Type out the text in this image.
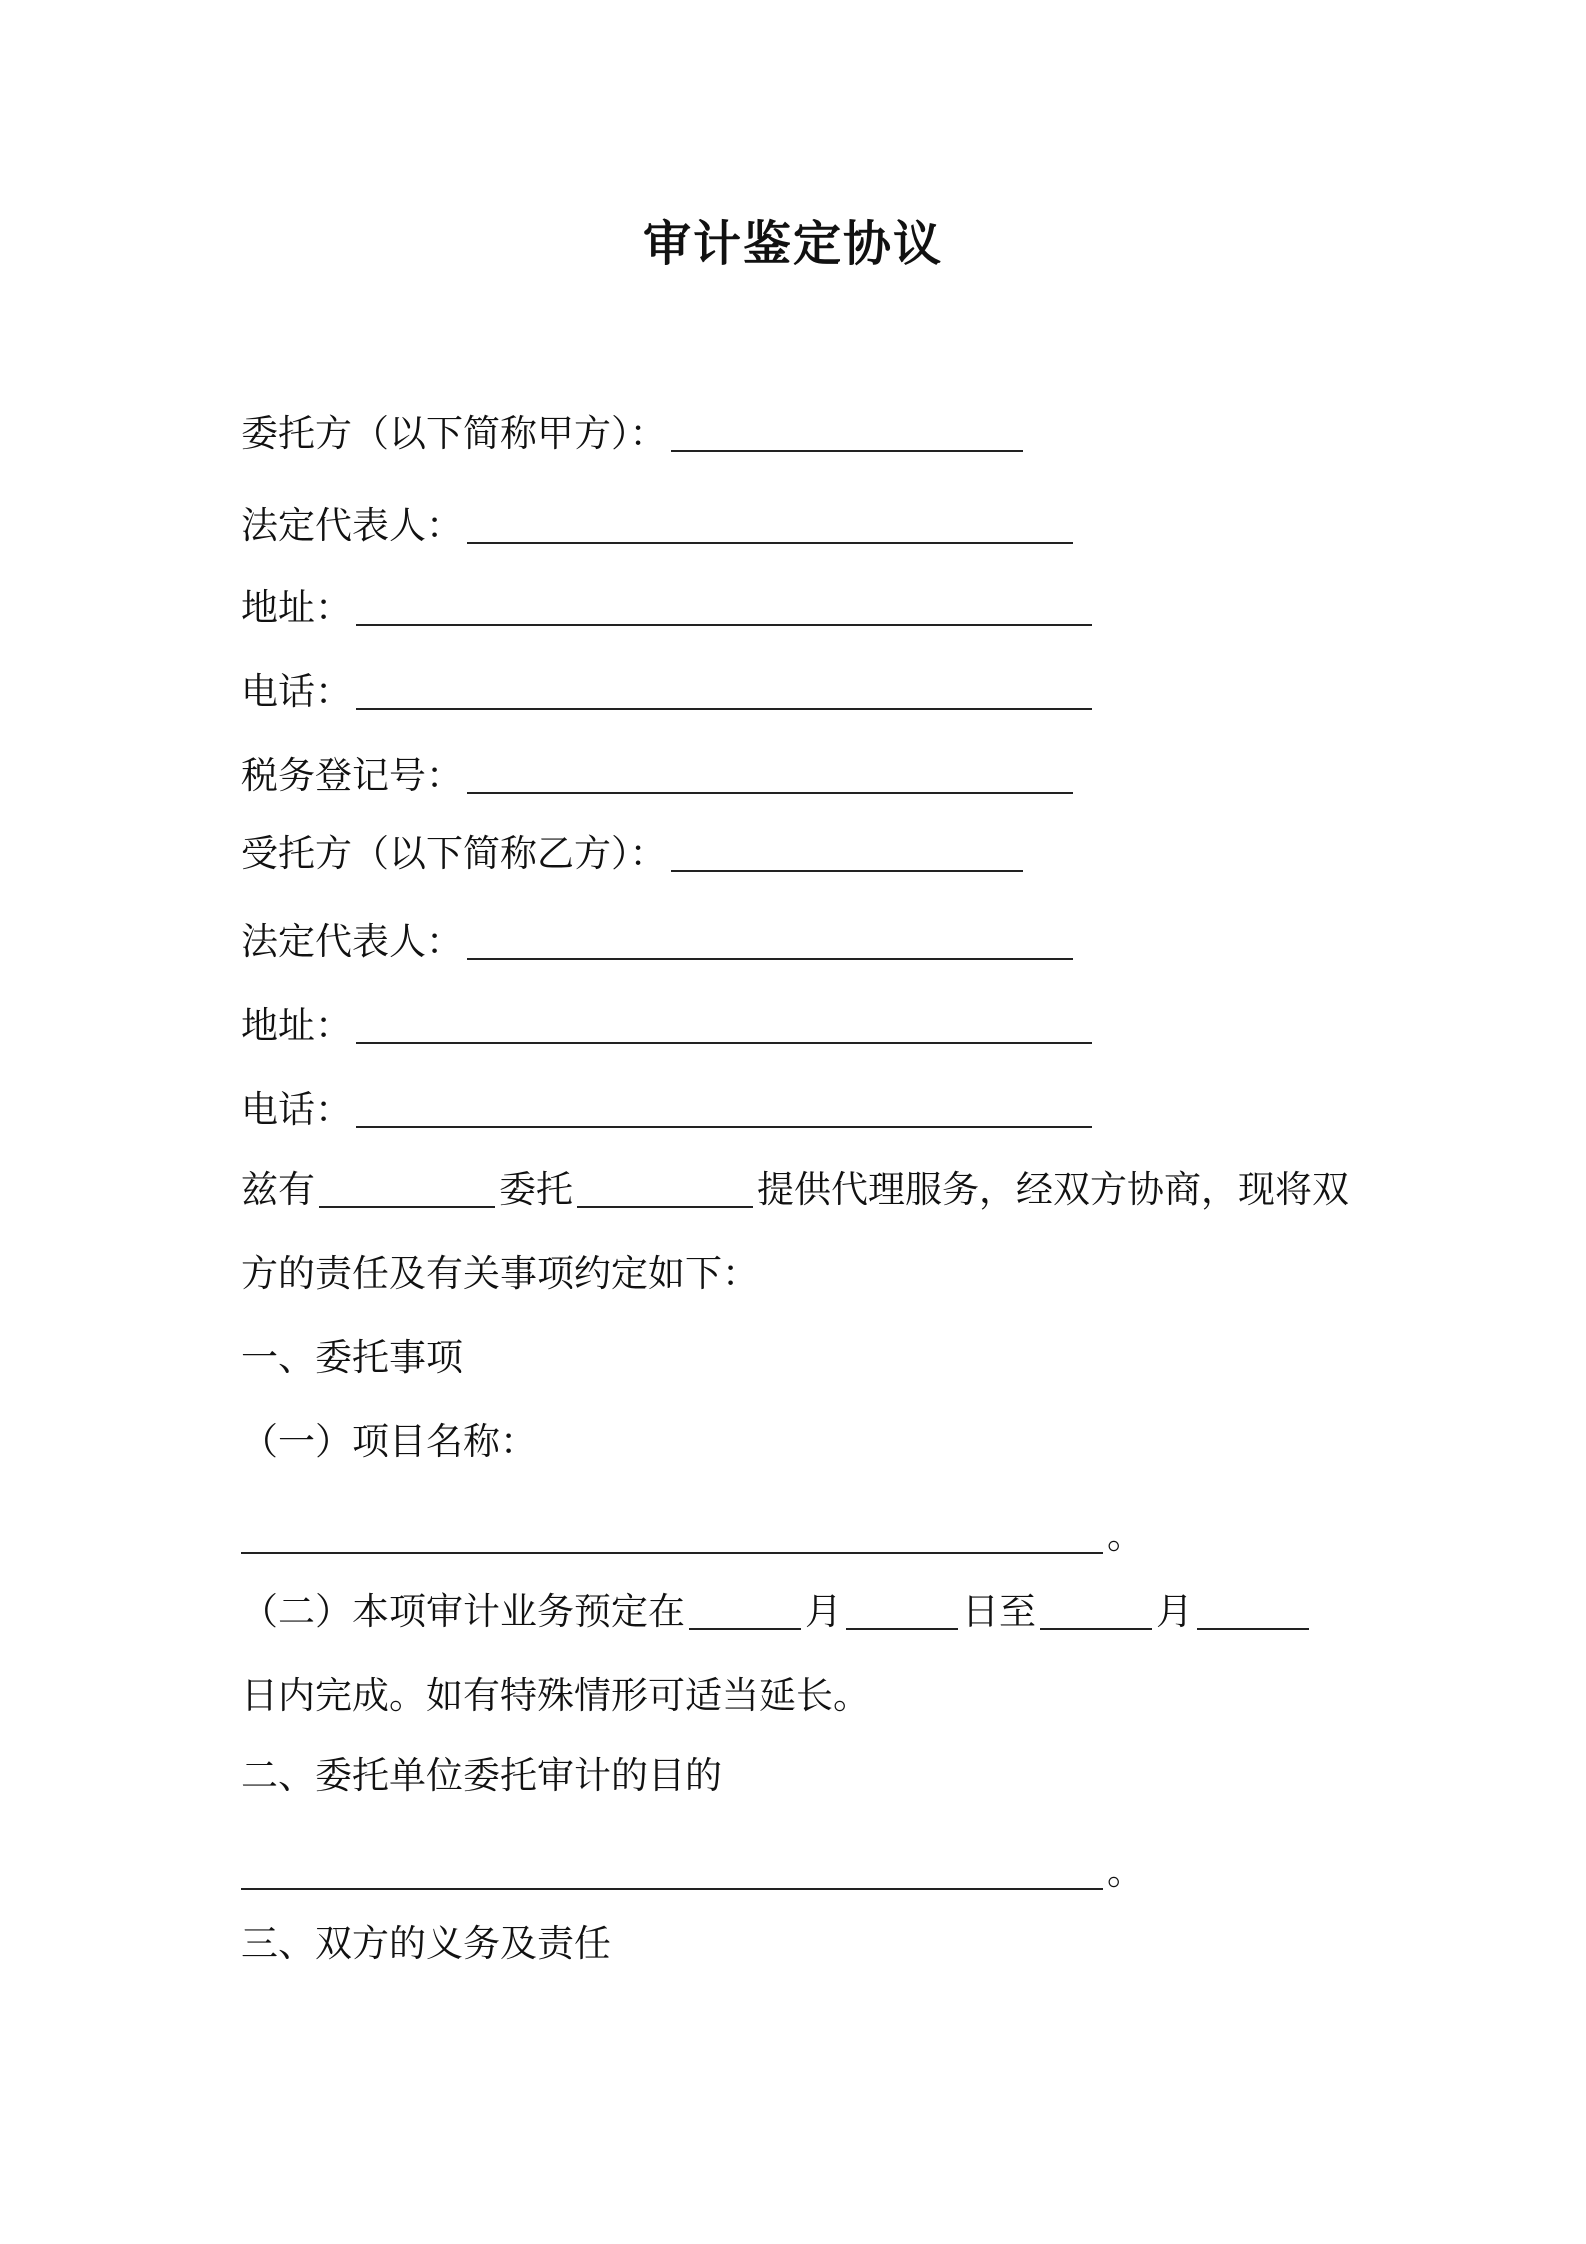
审计鉴定协议
委托方（以下简称甲方）：
法定代表人：
地址：
电话：
税务登记号：
受托方（以下简称乙方）：
法定代表人：
地址：
电话：
兹有	委托	提供代理服务，经双方协商，现将双
方的责任及有关事项约定如下：
一、委托事项
（一）项目名称：
。
（二）本项审计业务预定在	月	日至	月
日内完成。如有特殊情形可适当延长。
二、委托单位委托审计的目的
。
三、双方的义务及责任
